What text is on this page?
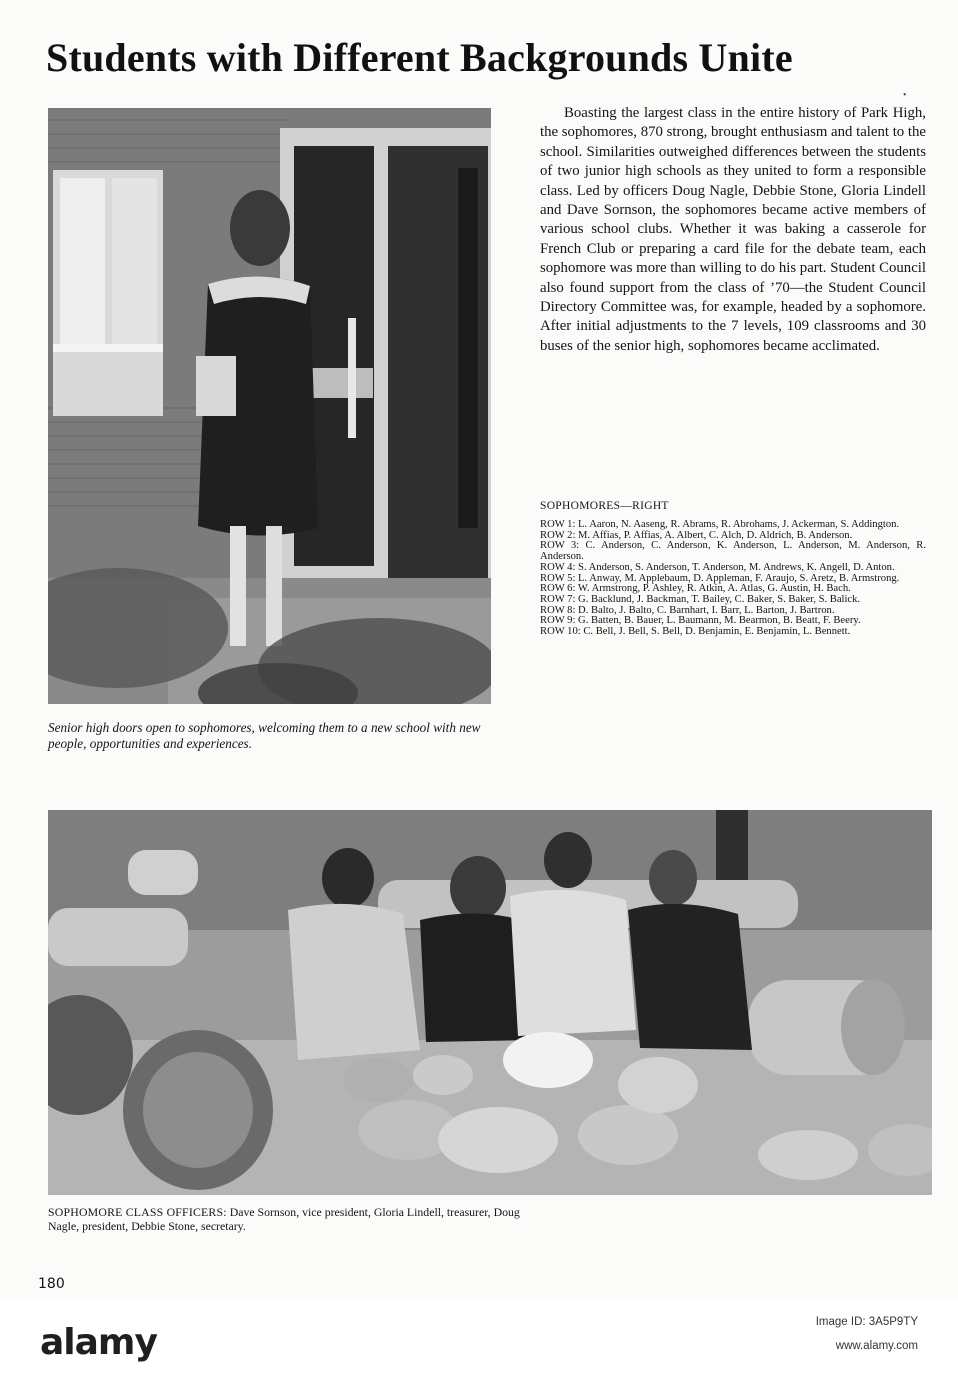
Students with Different Backgrounds Unite
•
Senior high doors open to sophomores, welcoming them to a new school with new people, opportunities and experiences.
Boasting the largest class in the entire history of Park High, the sophomores, 870 strong, brought enthusiasm and talent to the school. Similarities outweighed differences between the students of two junior high schools as they united to form a responsible class. Led by officers Doug Nagle, Debbie Stone, Gloria Lindell and Dave Sornson, the sophomores became active members of various school clubs. Whether it was baking a casserole for French Club or preparing a card file for the debate team, each sophomore was more than willing to do his part. Student Council also found support from the class of ’70—the Student Council Directory Committee was, for example, headed by a sophomore. After initial adjustments to the 7 levels, 109 classrooms and 30 buses of the senior high, sophomores became acclimated.
SOPHOMORES—RIGHT
ROW 1: L. Aaron, N. Aaseng, R. Abrams, R. Abrohams, J. Ackerman, S. Addington.
ROW 2: M. Affias, P. Affias, A. Albert, C. Alch, D. Aldrich, B. Anderson.
ROW 3: C. Anderson, C. Anderson, K. Anderson, L. Anderson, M. Anderson, R. Anderson.
ROW 4: S. Anderson, S. Anderson, T. Anderson, M. Andrews, K. Angell, D. Anton.
ROW 5: L. Anway, M. Applebaum, D. Appleman, F. Araujo, S. Aretz, B. Armstrong.
ROW 6: W. Armstrong, P. Ashley, R. Atkin, A. Atlas, G. Austin, H. Bach.
ROW 7: G. Backlund, J. Backman, T. Bailey, C. Baker, S. Baker, S. Balick.
ROW 8: D. Balto, J. Balto, C. Barnhart, I. Barr, L. Barton, J. Bartron.
ROW 9: G. Batten, B. Bauer, L. Baumann, M. Bearmon, B. Beatt, F. Beery.
ROW 10: C. Bell, J. Bell, S. Bell, D. Benjamin, E. Benjamin, L. Bennett.
SOPHOMORE CLASS OFFICERS: Dave Sornson, vice president, Gloria Lindell, treasurer, Doug Nagle, president, Debbie Stone, secretary.
180
alamy	Image ID: 3A5P9TY
www.alamy.com
